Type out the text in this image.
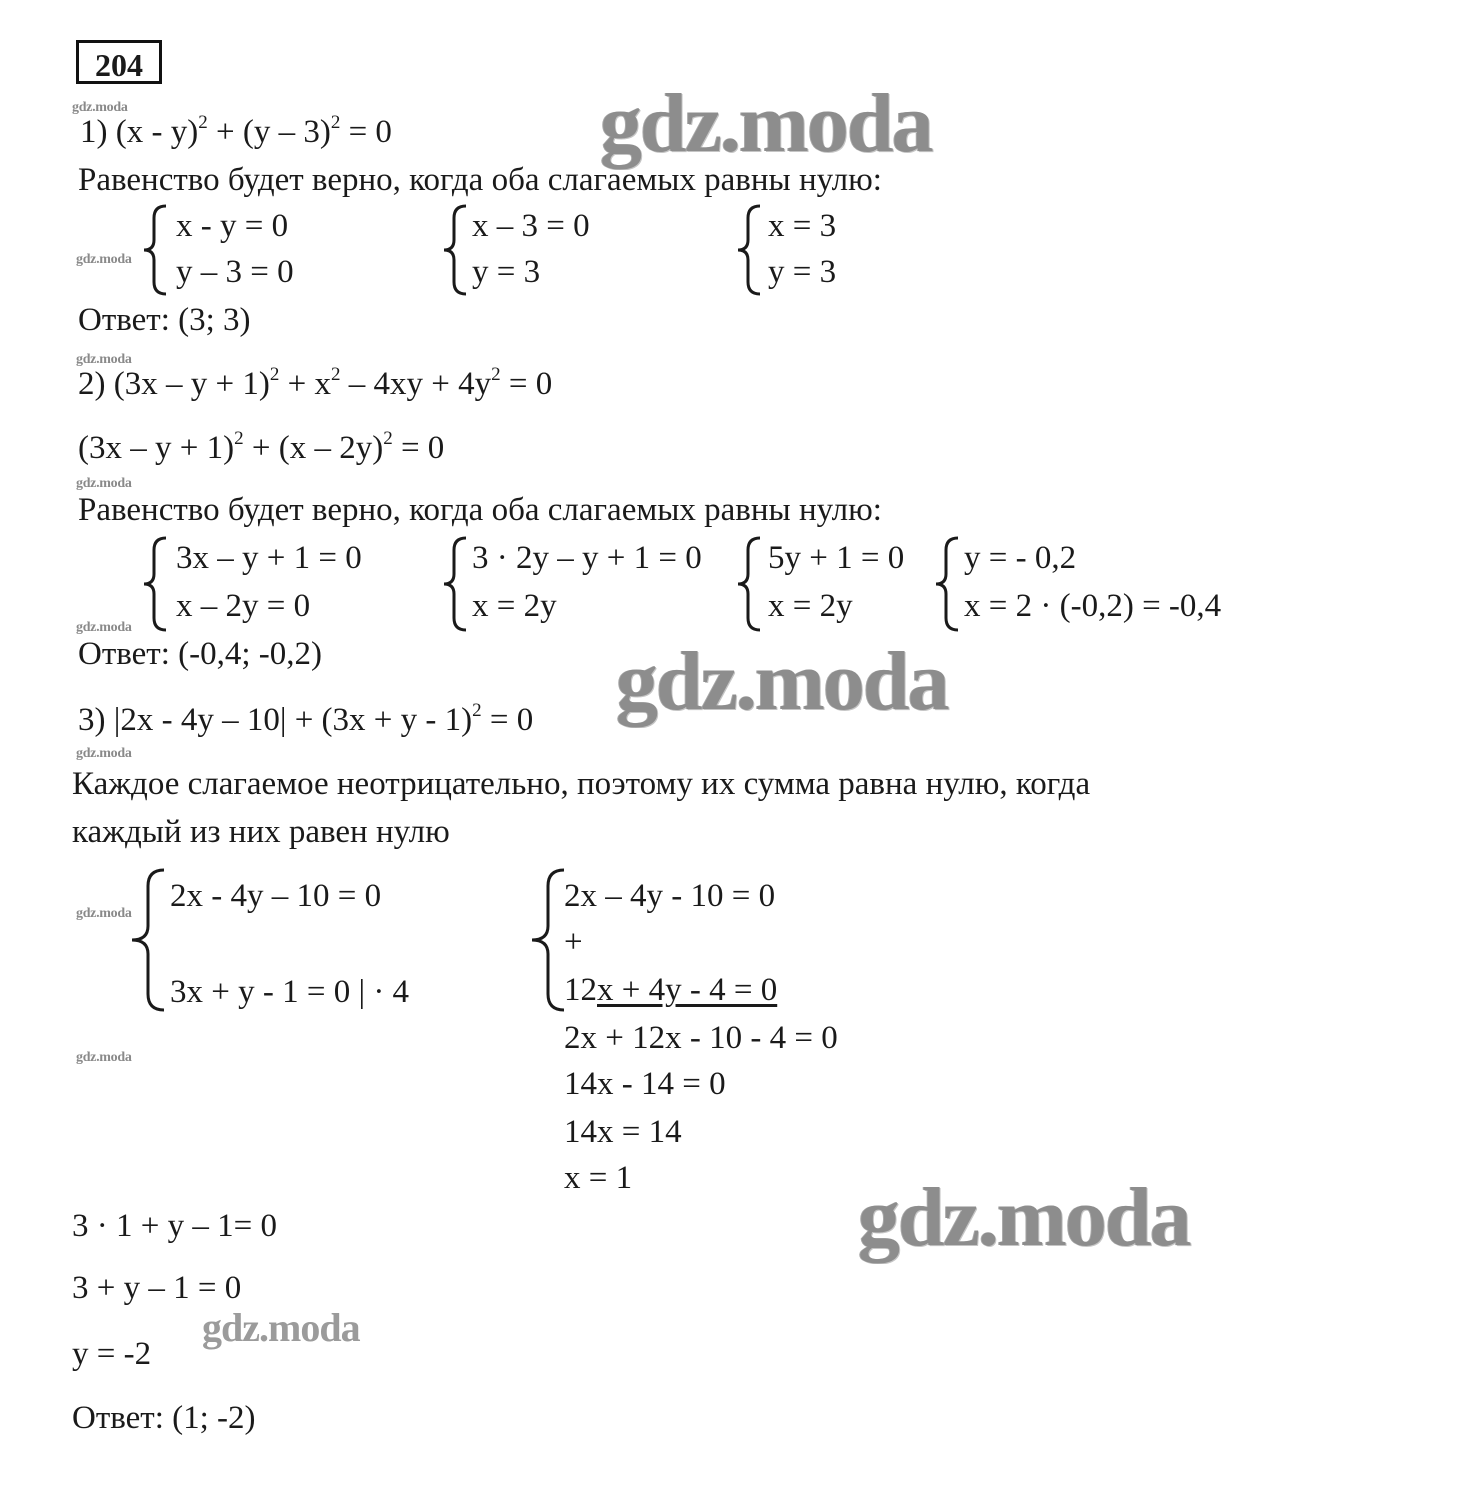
204
gdz.moda
gdz.moda
gdz.moda
gdz.moda
gdz.moda
gdz.moda
gdz.moda
gdz.moda
gdz.moda
gdz.moda
gdz.moda
gdz.moda
1) (x - y)$^2$ + (y – 3)$^2$ = 0
Равенство будет верно, когда оба слагаемых равны нулю:
x - y = 0
y – 3 = 0
x – 3 = 0
y = 3
x = 3
y = 3
Ответ: (3; 3)
2) $(3x - y + 1)^2 + x^2 - 4xy + 4y^2 = 0$
$(3x - y + 1)^2 + (x - 2y)^2 = 0$
Равенство будет верно, когда оба слагаемых равны нулю:
3x – y + 1 = 0
x – 2y = 0
3 · 2y – y + 1 = 0
x = 2y
5y + 1 = 0
x = 2y
y = - 0,2
x = 2 · (-0,2) = -0,4
Ответ: (-0,4; -0,2)
3) $|2x - 4y - 10| + (3x + y - 1)^2 = 0$
Каждое слагаемое неотрицательно, поэтому их сумма равна нулю, когда
каждый из них равен нулю
2x - 4y – 10 = 0
3x + y - 1 = 0 | · 4
2x – 4y - 10 = 0
+
12x + 4y - 4 = 0
2x + 12x - 10 - 4 = 0
14x - 14 = 0
14x = 14
x = 1
3 · 1 + y – 1= 0
3 + y – 1 = 0
y = -2
Ответ: (1; -2)
